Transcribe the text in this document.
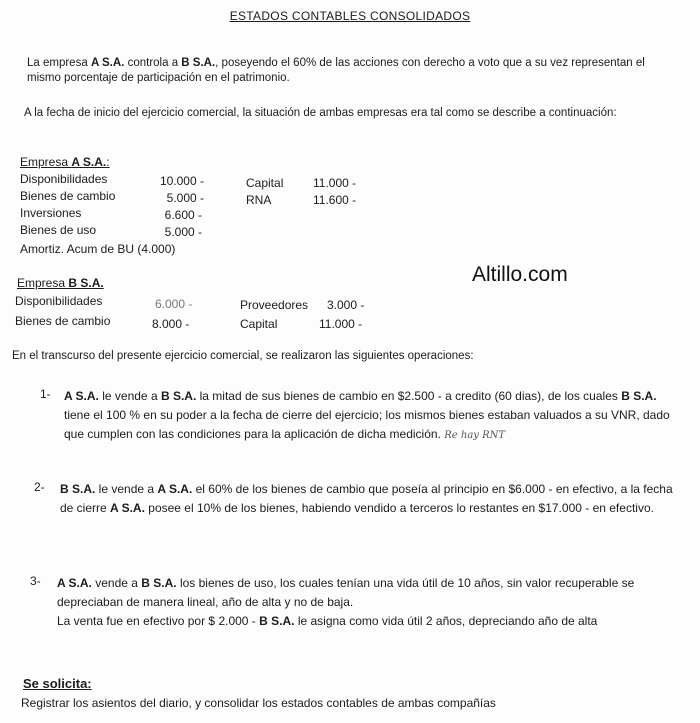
ESTADOS CONTABLES CONSOLIDADOS
La empresa A S.A. controla a B S.A., poseyendo el 60% de las acciones con derecho a voto que a su vez representan el mismo porcentaje de participación en el patrimonio.
A la fecha de inicio del ejercicio comercial, la situación de ambas empresas era tal como se describe a continuación:
Empresa A S.A.:
Disponibilidades	10.000 -
Bienes de cambio	5.000 -
Inversiones	6.600 -
Bienes de uso	5.000 -
Amortiz. Acum de BU (4.000)
Capital 11.000 -
RNA	11.600 -
Empresa B S.A.
Disponibilidades	6.000 -
Bienes de cambio	8.000 -
Proveedores 3.000 -
Capital	11.000 -
Altillo.com
En el transcurso del presente ejercicio comercial, se realizaron las siguientes operaciones:
1- A S.A. le vende a B S.A. la mitad de sus bienes de cambio en $2.500 - a credito (60 dias), de los cuales B S.A. tiene el 100 % en su poder a la fecha de cierre del ejercicio; los mismos bienes estaban valuados a su VNR, dado que cumplen con las condiciones para la aplicación de dicha medición. Re hay RNT
2- B S.A. le vende a A S.A. el 60% de los bienes de cambio que poseía al principio en $6.000 - en efectivo, a la fecha de cierre A S.A. posee el 10% de los bienes, habiendo vendido a terceros lo restantes en $17.000 - en efectivo.
3- A S.A. vende a B S.A. los bienes de uso, los cuales tenían una vida útil de 10 años, sin valor recuperable se depreciaban de manera lineal, año de alta y no de baja.
La venta fue en efectivo por $ 2.000 - B S.A. le asigna como vida útil 2 años, depreciando año de alta
Se solicita:
Registrar los asientos del diario, y consolidar los estados contables de ambas compañías
